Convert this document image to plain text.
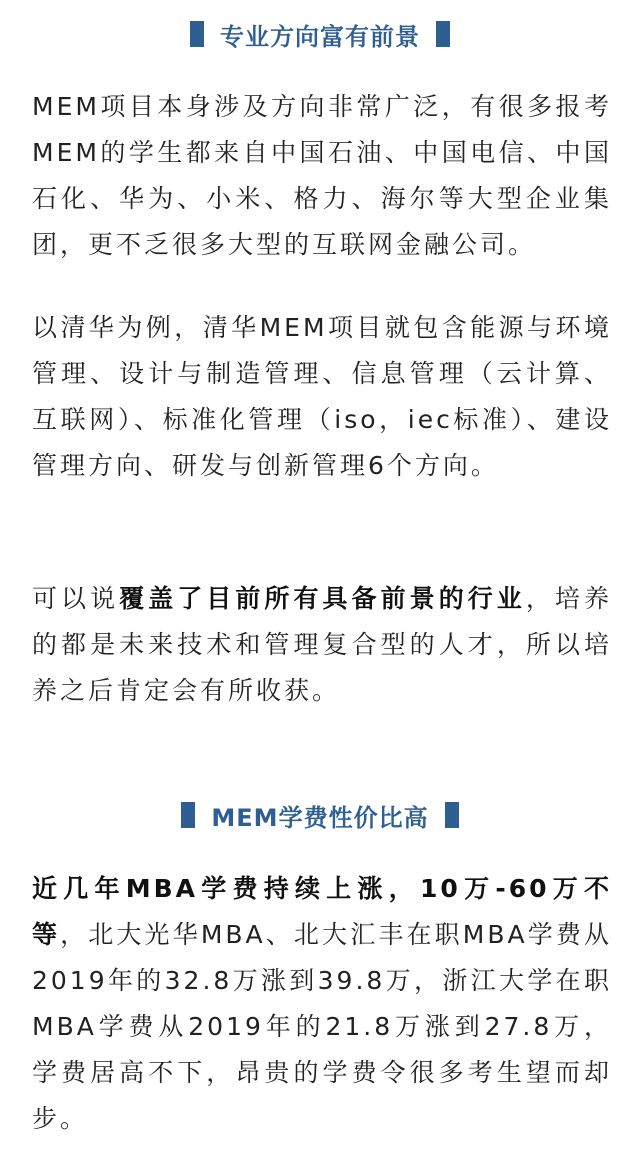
专业方向富有前景

MEM项目本身涉及方向非常广泛，有很多报考MEM的学生都来自中国石油、中国电信、中国石化、华为、小米、格力、海尔等大型企业集团，更不乏很多大型的互联网金融公司。

以清华为例，清华MEM项目就包含能源与环境管理、设计与制造管理、信息管理（云计算、互联网）、标准化管理（iso，iec标准）、建设管理方向、研发与创新管理6个方向。

可以说覆盖了目前所有具备前景的行业，培养的都是未来技术和管理复合型的人才，所以培养之后肯定会有所收获。

MEM学费性价比高

近几年MBA学费持续上涨，10万-60万不等，北大光华MBA、北大汇丰在职MBA学费从2019年的32.8万涨到39.8万，浙江大学在职MBA学费从2019年的21.8万涨到27.8万，学费居高不下，昂贵的学费令很多考生望而却步。
